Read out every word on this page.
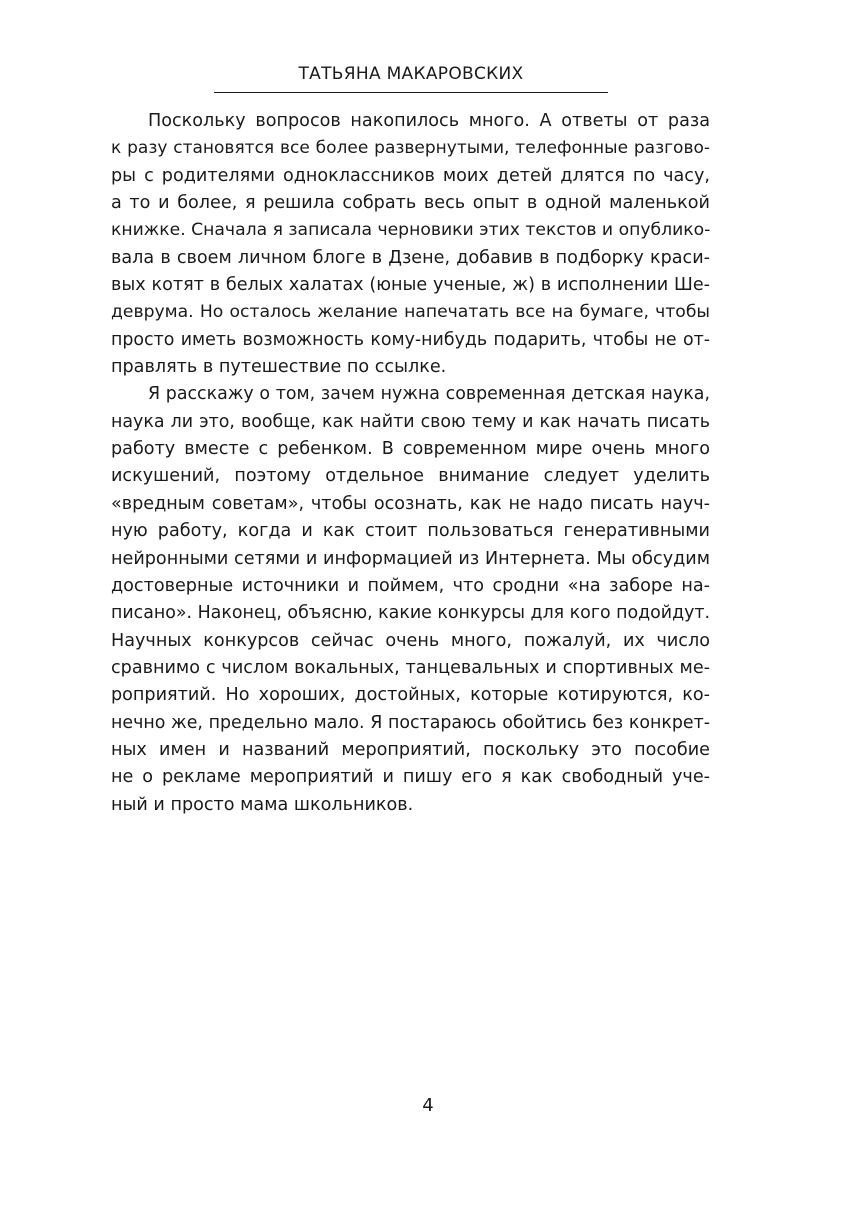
ТАТЬЯНА МАКАРОВСКИХ
Поскольку вопросов накопилось много. А ответы от раза
к разу становятся все более развернутыми, телефонные разгово-
ры с родителями одноклассников моих детей длятся по часу,
а то и более, я решила собрать весь опыт в одной маленькой
книжке. Сначала я записала черновики этих текстов и опублико-
вала в своем личном блоге в Дзене, добавив в подборку краси-
вых котят в белых халатах (юные ученые, ж) в исполнении Ше-
деврума. Но осталось желание напечатать все на бумаге, чтобы
просто иметь возможность кому-нибудь подарить, чтобы не от-
правлять в путешествие по ссылке.
Я расскажу о том, зачем нужна современная детская наука,
наука ли это, вообще, как найти свою тему и как начать писать
работу вместе с ребенком. В современном мире очень много
искушений, поэтому отдельное внимание следует уделить
«вредным советам», чтобы осознать, как не надо писать науч-
ную работу, когда и как стоит пользоваться генеративными
нейронными сетями и информацией из Интернета. Мы обсудим
достоверные источники и поймем, что сродни «на заборе на-
писано». Наконец, объясню, какие конкурсы для кого подойдут.
Научных конкурсов сейчас очень много, пожалуй, их число
сравнимо с числом вокальных, танцевальных и спортивных ме-
роприятий. Но хороших, достойных, которые котируются, ко-
нечно же, предельно мало. Я постараюсь обойтись без конкрет-
ных имен и названий мероприятий, поскольку это пособие
не о рекламе мероприятий и пишу его я как свободный уче-
ный и просто мама школьников.
4
